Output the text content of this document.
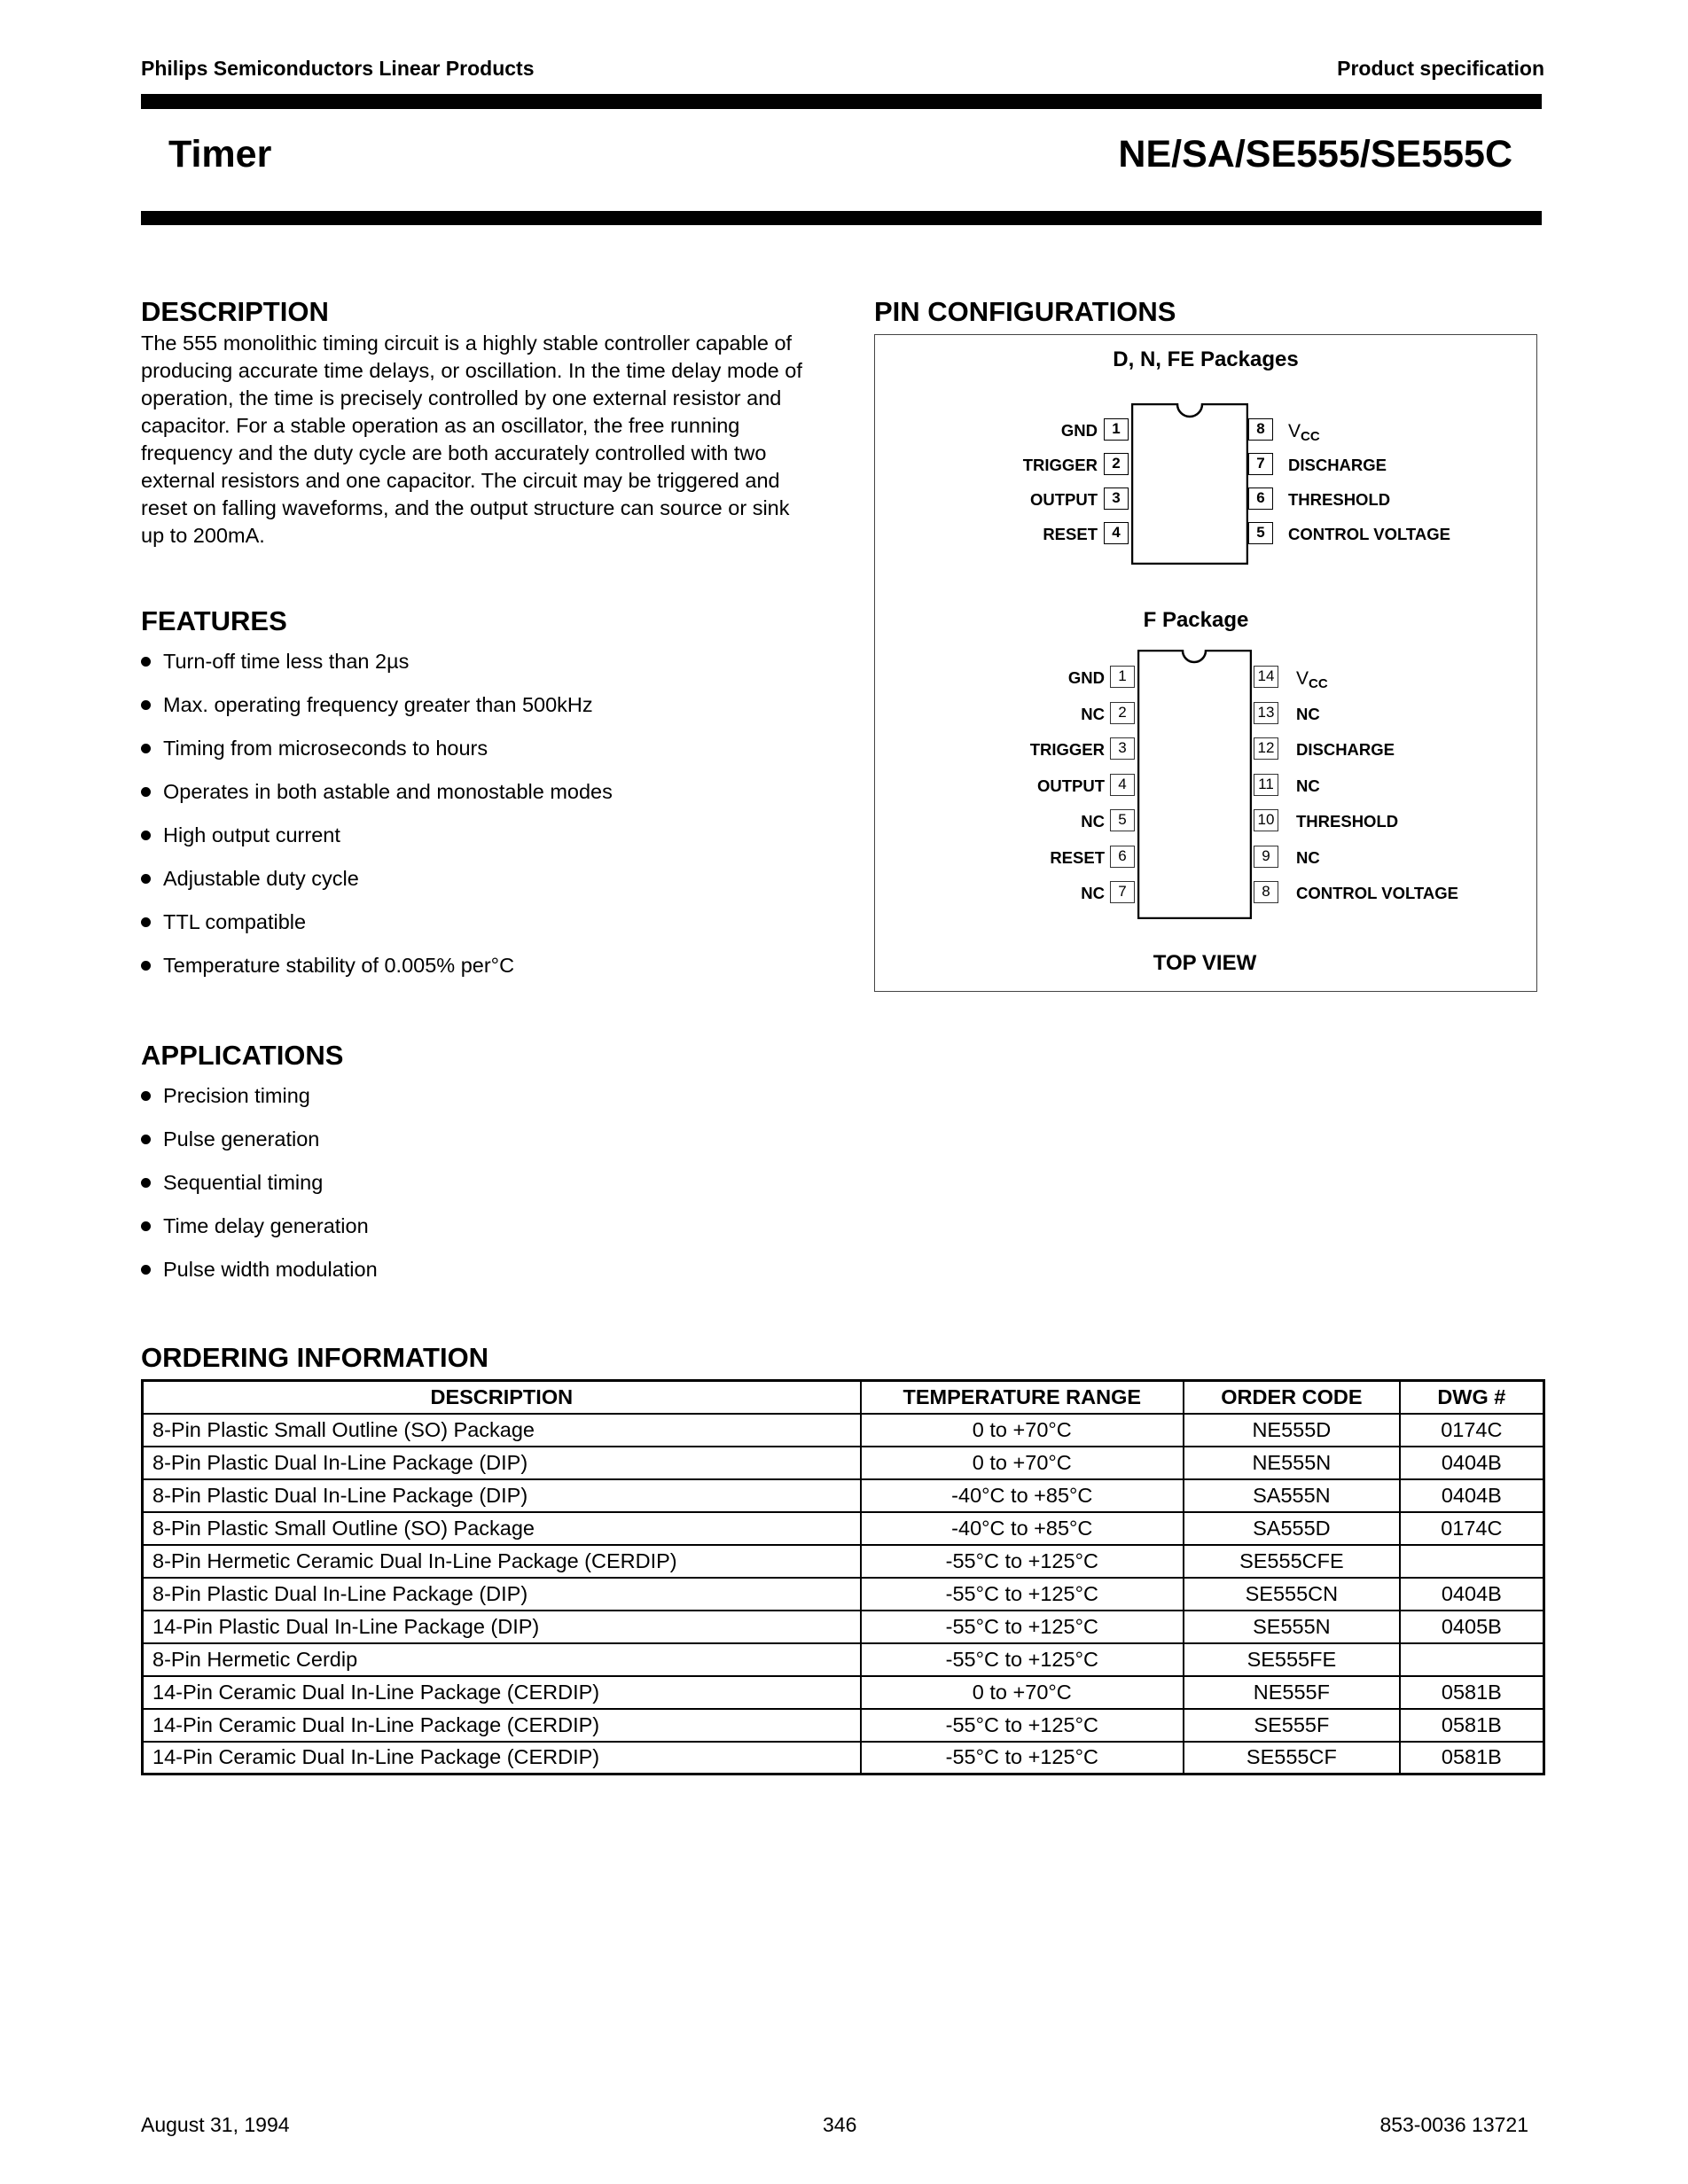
Philips Semiconductors Linear Products	Product specification
Timer	NE/SA/SE555/SE555C
DESCRIPTION
The 555 monolithic timing circuit is a highly stable controller capable of producing accurate time delays, or oscillation. In the time delay mode of operation, the time is precisely controlled by one external resistor and capacitor. For a stable operation as an oscillator, the free running frequency and the duty cycle are both accurately controlled with two external resistors and one capacitor. The circuit may be triggered and reset on falling waveforms, and the output structure can source or sink up to 200mA.
FEATURES
Turn-off time less than 2µs
Max. operating frequency greater than 500kHz
Timing from microseconds to hours
Operates in both astable and monostable modes
High output current
Adjustable duty cycle
TTL compatible
Temperature stability of 0.005% per°C
APPLICATIONS
Precision timing
Pulse generation
Sequential timing
Time delay generation
Pulse width modulation
PIN CONFIGURATIONS
D, N, FE Packages
1
GND
2
TRIGGER
3
OUTPUT
4
RESET
8	$V_{CC}$
7	DISCHARGE
6	THRESHOLD
5	CONTROL VOLTAGE
F Package
1
GND
2
NC
3
TRIGGER
4
OUTPUT
5
NC
6
RESET
7
NC
14 $V_{CC}$
13 NC
12 DISCHARGE
11 NC
10 THRESHOLD
9	NC
8	CONTROL VOLTAGE
TOP VIEW
ORDERING INFORMATION
DESCRIPTION	TEMPERATURE RANGE	ORDER CODE	DWG #
8-Pin Plastic Small Outline (SO) Package	0 to +70°C	NE555D	0174C
8-Pin Plastic Dual In-Line Package (DIP)	0 to +70°C	NE555N	0404B
8-Pin Plastic Dual In-Line Package (DIP)	-40°C to +85°C	SA555N	0404B
8-Pin Plastic Small Outline (SO) Package	-40°C to +85°C	SA555D	0174C
8-Pin Hermetic Ceramic Dual In-Line Package (CERDIP)	-55°C to +125°C	SE555CFE	
8-Pin Plastic Dual In-Line Package (DIP)	-55°C to +125°C	SE555CN	0404B
14-Pin Plastic Dual In-Line Package (DIP)	-55°C to +125°C	SE555N	0405B
8-Pin Hermetic Cerdip	-55°C to +125°C	SE555FE	
14-Pin Ceramic Dual In-Line Package (CERDIP)	0 to +70°C	NE555F	0581B
14-Pin Ceramic Dual In-Line Package (CERDIP)	-55°C to +125°C	SE555F	0581B
14-Pin Ceramic Dual In-Line Package (CERDIP)	-55°C to +125°C	SE555CF	0581B
August 31, 1994	346	853-0036 13721
